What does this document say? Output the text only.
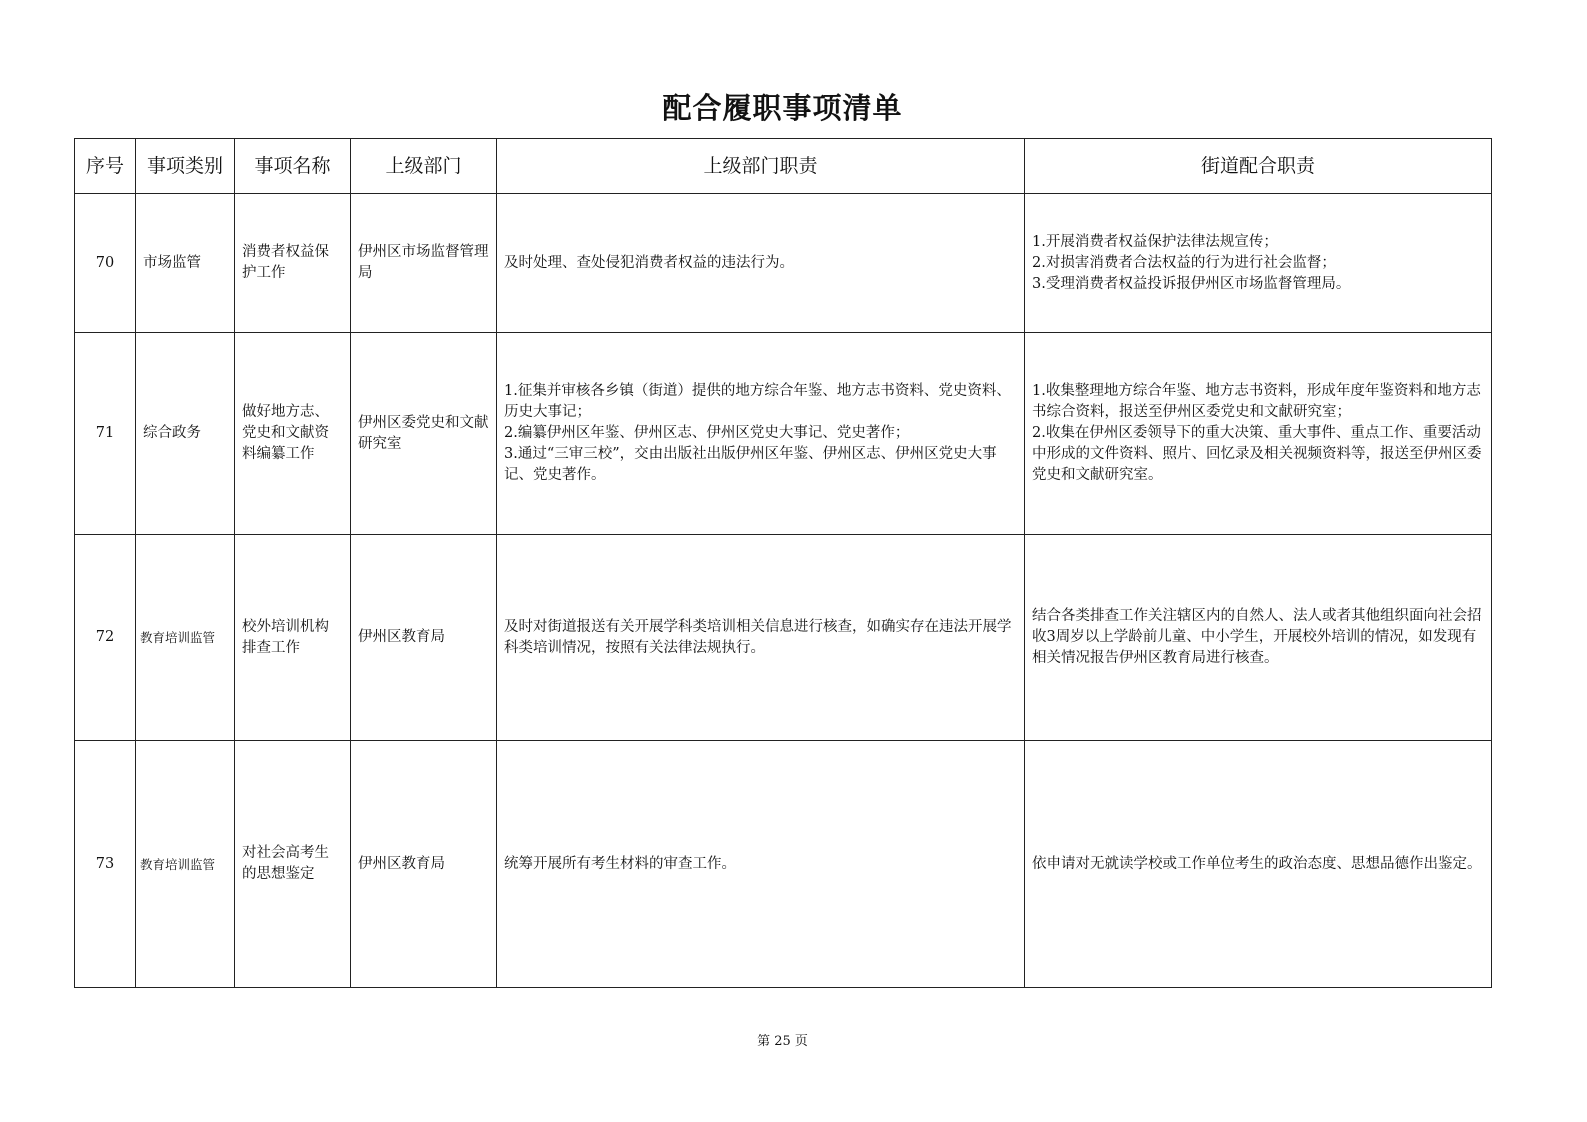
配合履职事项清单
序号	事项类别	事项名称	上级部门	上级部门职责	街道配合职责
70	市场监管	消费者权益保护工作	伊州区市场监督管理局	及时处理、查处侵犯消费者权益的违法行为。	1.开展消费者权益保护法律法规宣传；
2.对损害消费者合法权益的行为进行社会监督；
3.受理消费者权益投诉报伊州区市场监督管理局。

71	综合政务	做好地方志、党史和文献资料编纂工作	伊州区委党史和文献研究室	1.征集并审核各乡镇（街道）提供的地方综合年鉴、地方志书资料、党史资料、历史大事记；
2.编纂伊州区年鉴、伊州区志、伊州区党史大事记、党史著作；
3.通过“三审三校”，交由出版社出版伊州区年鉴、伊州区志、伊州区党史大事记、党史著作。	1.收集整理地方综合年鉴、地方志书资料，形成年度年鉴资料和地方志书综合资料，报送至伊州区委党史和文献研究室；
2.收集在伊州区委领导下的重大决策、重大事件、重点工作、重要活动中形成的文件资料、照片、回忆录及相关视频资料等，报送至伊州区委党史和文献研究室。

72	教育培训监管	校外培训机构排查工作	伊州区教育局	及时对街道报送有关开展学科类培训相关信息进行核查，如确实存在违法开展学科类培训情况，按照有关法律法规执行。	结合各类排查工作关注辖区内的自然人、法人或者其他组织面向社会招收3周岁以上学龄前儿童、中小学生，开展校外培训的情况，如发现有相关情况报告伊州区教育局进行核查。

73	教育培训监管	对社会高考生的思想鉴定	伊州区教育局	统筹开展所有考生材料的审查工作。	依申请对无就读学校或工作单位考生的政治态度、思想品德作出鉴定。
第 25 页
